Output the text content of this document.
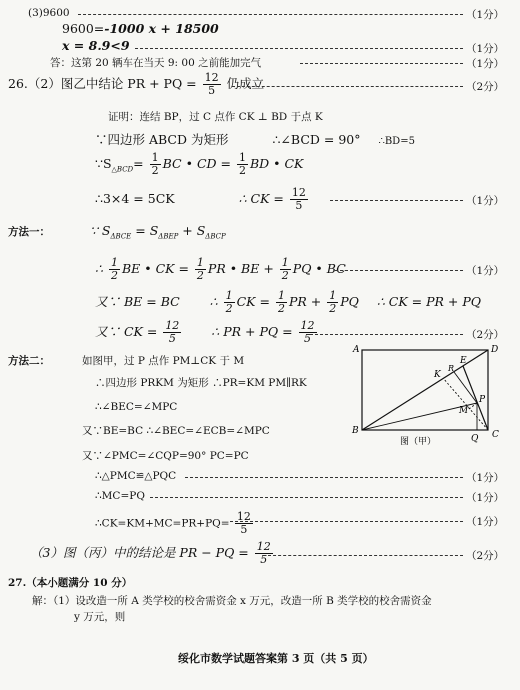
(3)9600	（1分）
9600=-1000 x + 18500
x = 8.9<9	（1分）
答：这第 20 辆车在当天 9: 00 之前能加完气	（1分）
26.（2）图乙中结论 PR + PQ = $\frac{12}{5}$ 仍成立	（2分）
证明：连结 BP，过 C 点作 CK ⊥ BD 于点 K
∵四边形 ABCD 为矩形	∴∠BCD = 90° ∴BD=5
$\because S_{\triangle BCD}= \frac{1}{2}$ BC • CD = $\frac{1}{2}$ BD • CK
∴3×4 = 5CK	∴ CK = $\frac{12}{5}$	（1分）
方法一：	∵ $S_{\Delta BCE} = S_{\Delta BEP} + S_{\Delta BCP}$
∴ $\frac{1}{2}$ BE • CK = $\frac{1}{2}$ PR • BE + $\frac{1}{2}$ PQ • BC	（1分）
又∵ BE = BC ∴ $\frac{1}{2}$ CK = $\frac{1}{2}$ PR + $\frac{1}{2}$ PQ ∴ CK = PR + PQ
又∵ CK = $\frac{12}{5}$ ∴ PR + PQ = $\frac{12}{5}$	（2分）
方法二：	如图甲，过 P 点作 PM⊥CK 于 M
∴四边形 PRKM 为矩形 ∴PR=KM PM∥RK
∴∠BEC=∠MPC
又∵BE=BC ∴∠BEC=∠ECB=∠MPC
又∵∠PMC=∠CQP=90° PC=PC
∴△PMC≌△PQC	（1分）
∴MC=PQ	（1分）
∴CK=KM+MC=PR+PQ= $\frac{12}{5}$	（1分）
（3）图（丙）中的结论是 PR − PQ = $\frac{12}{5}$	（2分）
27.（本小题满分 10 分）
解：（1）设改造一所 A 类学校的校舍需资金 x 万元，改造一所 B 类学校的校舍需资金
y 万元，则
绥化市数学试题答案第 3 页（共 5 页）
A	D
B	C
E
K
R
M
P
Q
图（甲）
